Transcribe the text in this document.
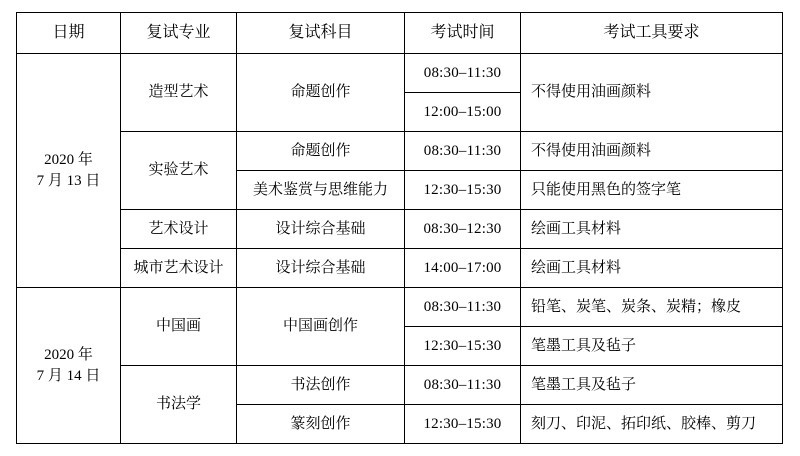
日期	复试专业	复试科目	考试时间	考试工具要求
2020 年
7 月 13 日	造型艺术	命题创作	08:30–11:30	不得使用油画颜料
			12:00–15:00	
	实验艺术	命题创作	08:30–11:30	不得使用油画颜料
		美术鉴赏与思维能力	12:30–15:30	只能使用黑色的签字笔
	艺术设计	设计综合基础	08:30–12:30	绘画工具材料
	城市艺术设计	设计综合基础	14:00–17:00	绘画工具材料
2020 年
7 月 14 日	中国画	中国画创作	08:30–11:30	铅笔、炭笔、炭条、炭精；橡皮
			12:30–15:30	笔墨工具及毡子
	书法学	书法创作	08:30–11:30	笔墨工具及毡子
		篆刻创作	12:30–15:30	刻刀、印泥、拓印纸、胶棒、剪刀
